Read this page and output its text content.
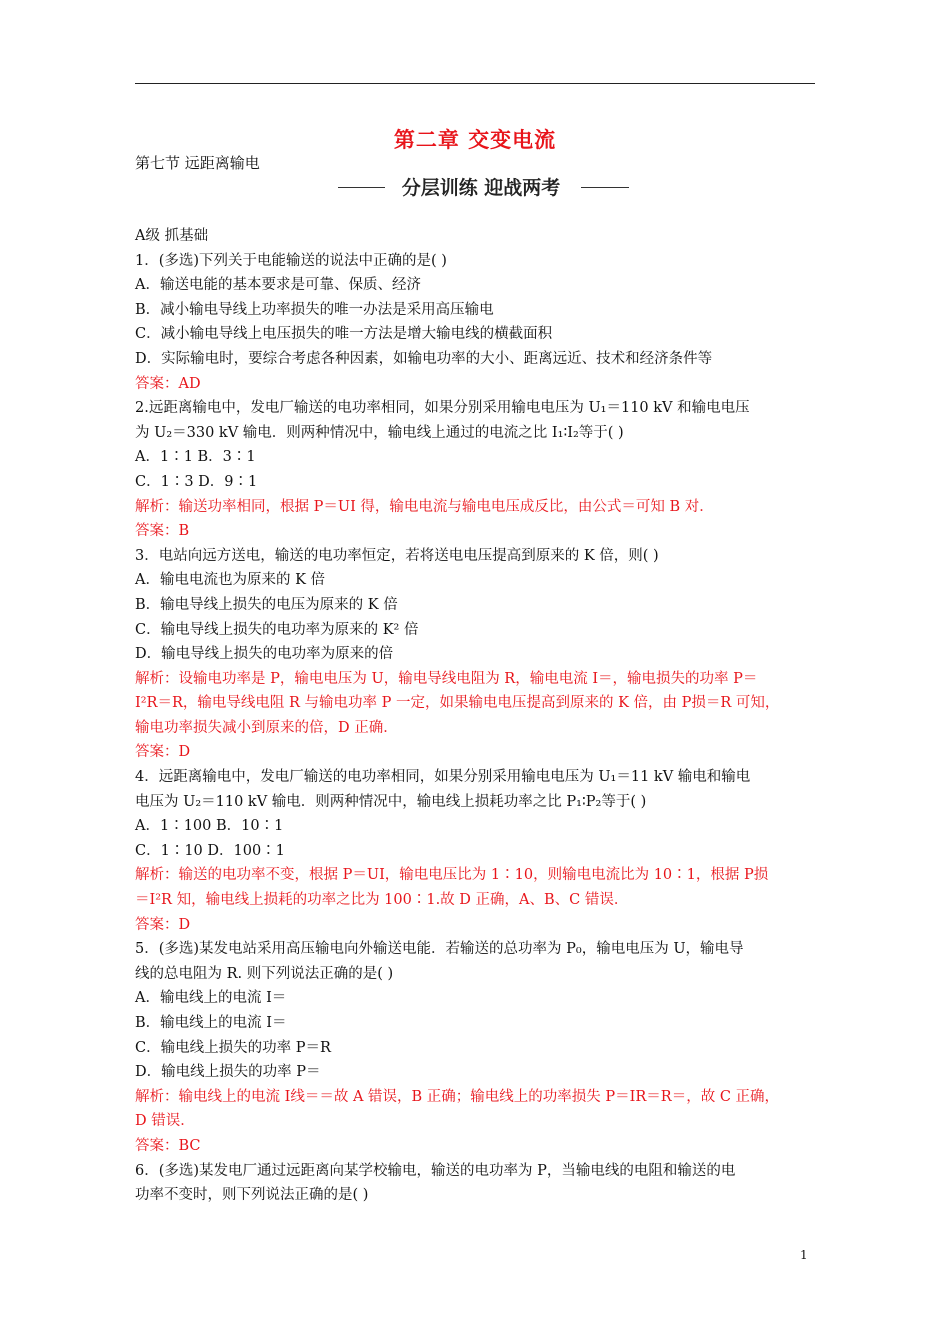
第二章 交变电流
第七节 远距离输电
分层训练 迎战两考
A级 抓基础
1．(多选)下列关于电能输送的说法中正确的是( )
A．输送电能的基本要求是可靠、保质、经济
B．减小输电导线上功率损失的唯一办法是采用高压输电
C．减小输电导线上电压损失的唯一方法是增大输电线的横截面积
D．实际输电时，要综合考虑各种因素，如输电功率的大小、距离远近、技术和经济条件等
答案：AD
2.远距离输电中，发电厂输送的电功率相同，如果分别采用输电电压为 U₁＝110 kV 和输电电压
为 U₂＝330 kV 输电．则两种情况中，输电线上通过的电流之比 I₁∶I₂等于( )
A．1∶1 B．3∶1
C．1∶3 D．9∶1
解析：输送功率相同，根据 P＝UI 得，输电电流与输电电压成反比，由公式＝可知 B 对．
答案：B
3．电站向远方送电，输送的电功率恒定，若将送电电压提高到原来的 K 倍，则( )
A．输电电流也为原来的 K 倍
B．输电导线上损失的电压为原来的 K 倍
C．输电导线上损失的电功率为原来的 K² 倍
D．输电导线上损失的电功率为原来的倍
解析：设输电功率是 P，输电电压为 U，输电导线电阻为 R，输电电流 I＝，输电损失的功率 P＝
I²R＝R，输电导线电阻 R 与输电功率 P 一定，如果输电电压提高到原来的 K 倍，由 P损＝R 可知，
输电功率损失减小到原来的倍，D 正确．
答案：D
4．远距离输电中，发电厂输送的电功率相同，如果分别采用输电电压为 U₁＝11 kV 输电和输电
电压为 U₂＝110 kV 输电．则两种情况中，输电线上损耗功率之比 P₁∶P₂等于( )
A．1∶100 B．10∶1
C．1∶10 D．100∶1
解析：输送的电功率不变，根据 P＝UI，输电电压比为 1∶10，则输电电流比为 10∶1，根据 P损
＝I²R 知，输电线上损耗的功率之比为 100∶1.故 D 正确，A、B、C 错误．
答案：D
5．(多选)某发电站采用高压输电向外输送电能．若输送的总功率为 P₀，输电电压为 U，输电导
线的总电阻为 R. 则下列说法正确的是( )
A．输电线上的电流 I＝
B．输电线上的电流 I＝
C．输电线上损失的功率 P＝R
D．输电线上损失的功率 P＝
解析：输电线上的电流 I线＝＝故 A 错误，B 正确；输电线上的功率损失 P＝IR＝R＝，故 C 正确，
D 错误．
答案：BC
6．(多选)某发电厂通过远距离向某学校输电，输送的电功率为 P，当输电线的电阻和输送的电
功率不变时，则下列说法正确的是( )
1
